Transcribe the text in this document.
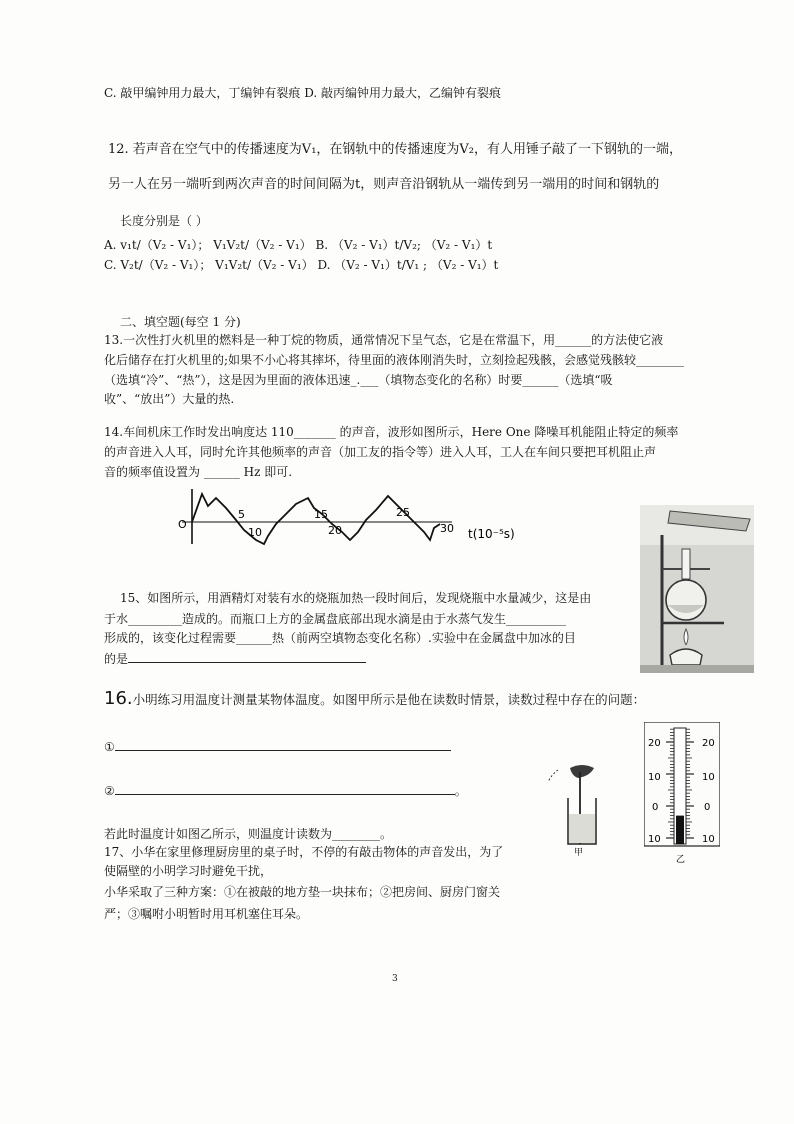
C. 敲甲编钟用力最大，丁编钟有裂痕 D. 敲丙编钟用力最大，乙编钟有裂痕
12. 若声音在空气中的传播速度为V₁，在钢轨中的传播速度为V₂，有人用锤子敲了一下钢轨的一端，
另一人在另一端听到两次声音的时间间隔为t，则声音沿钢轨从一端传到另一端用的时间和钢轨的
长度分别是（ ）
A. v₁t/（V₂ - V₁）； V₁V₂t/（V₂ - V₁） B. （V₂ - V₁）t/V₂; （V₂ - V₁）t
C. V₂t/（V₂ - V₁）； V₁V₂t/（V₂ - V₁） D. （V₂ - V₁）t/V₁ ; （V₂ - V₁）t
二、填空题(每空 1 分)
13.一次性打火机里的燃料是一种丁烷的物质，通常情况下呈气态，它是在常温下，用______的方法使它液
化后储存在打火机里的;如果不小心将其摔坏，待里面的液体刚消失时，立刻捡起残骸，会感觉残骸较________
（选填“冷”、“热”），这是因为里面的液体迅速_.___（填物态变化的名称）时要______（选填“吸
收”、“放出”）大量的热.
14.车间机床工作时发出响度达 110_______ 的声音，波形如图所示，Here One 降噪耳机能阻止特定的频率
的声音进入人耳，同时允许其他频率的声音（加工友的指令等）进入人耳，工人在车间只要把耳机阻止声
音的频率值设置为 ______ Hz 即可.
O
5
10
15
20
25
30 t(10⁻⁵s)
15、如图所示，用酒精灯对装有水的烧瓶加热一段时间后，发现烧瓶中水量减少，这是由
于水_________造成的。而瓶口上方的金属盘底部出现水滴是由于水蒸气发生__________
形成的，该变化过程需要______热（前两空填物态变化名称）.实验中在金属盘中加冰的目
的是
16.小明练习用温度计测量某物体温度。如图甲所示是他在读数时情景，读数过程中存在的问题：
①
②	。
甲
20
10
0
10
20
10
0
10
乙
若此时温度计如图乙所示，则温度计读数为________。
17、小华在家里修理厨房里的桌子时，不停的有敲击物体的声音发出，为了
使隔壁的小明学习时避免干扰，
小华采取了三种方案：①在被敲的地方垫一块抹布；②把房间、厨房门窗关
严；③嘱咐小明暂时用耳机塞住耳朵。
3
